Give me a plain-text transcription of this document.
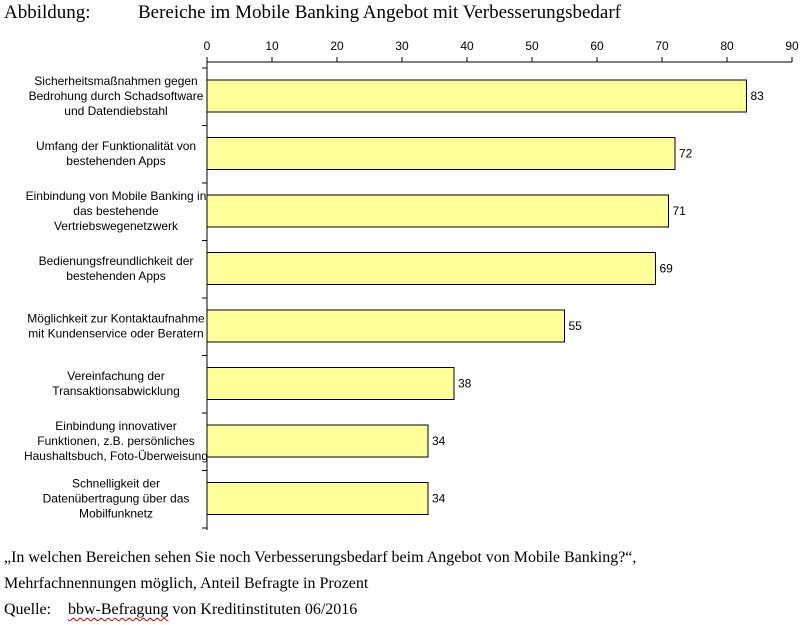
Abbildung: Bereiche im Mobile Banking Angebot mit Verbesserungsbedarf
0	10	20	30	40	50	60	70	80	90
83
Sicherheitsmaßnahmen gegen Bedrohung durch Schadsoftware und Datendiebstahl
72
Umfang der Funktionalität von bestehenden Apps
71
Einbindung von Mobile Banking in das bestehende Vertriebswegenetzwerk
69
Bedienungsfreundlichkeit der bestehenden Apps
55
Möglichkeit zur Kontaktaufnahme mit Kundenservice oder Beratern
38
Vereinfachung der Transaktionsabwicklung
34
Einbindung innovativer Funktionen, z.B. persönliches Haushaltsbuch, Foto-Überweisung
34
Schnelligkeit der Datenübertragung über das Mobilfunknetz
„In welchen Bereichen sehen Sie noch Verbesserungsbedarf beim Angebot von Mobile Banking?“,
Mehrfachnennungen möglich, Anteil Befragte in Prozent
Quelle: bbw-Befragung von Kreditinstituten 06/2016
